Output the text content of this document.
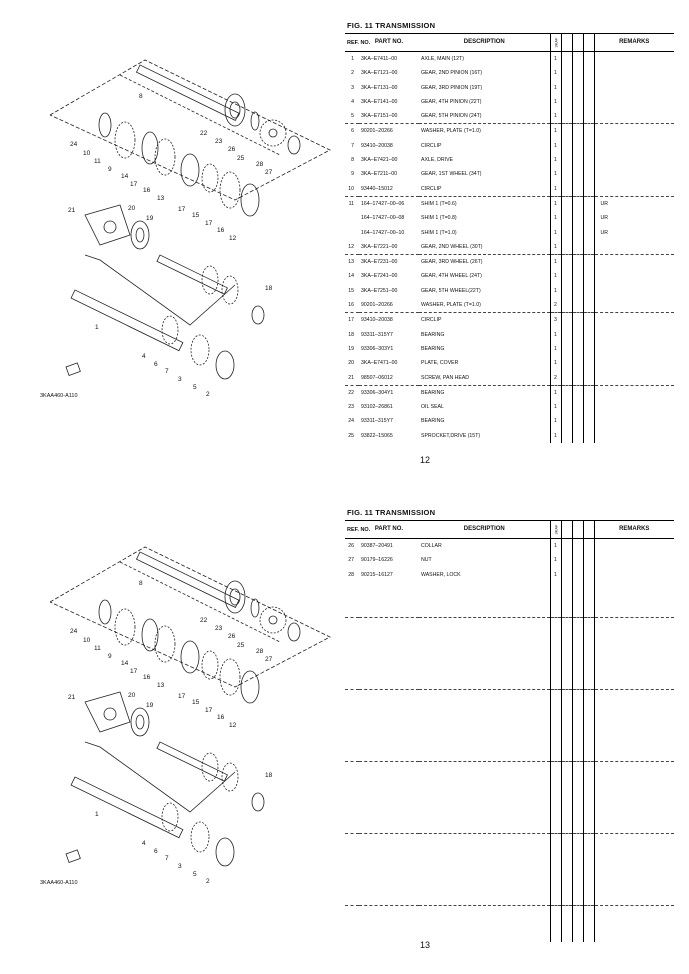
8
22
23
26
25
28
27
24
10
11
9
14
17
16
13
17
15
17
16
12
21	20
19
18
1
4
6
7
3
5
2
3KAA460-A110
FIG. 11 TRANSMISSION
REF. NO.	PART NO.	DESCRIPTION	3KAF				REMARKS
1	3KA–E7411–00	AXLE, MAIN (12T)	1				
2	3KA–E7121–00	GEAR, 2ND PINION (16T)	1				
3	3KA–E7131–00	GEAR, 3RD PINION (19T)	1				
4	3KA–E7141–00	GEAR, 4TH PINION (22T)	1				
5	3KA–E7151–00	GEAR, 5TH PINION (24T)	1				
6	90201–20266	WASHER, PLATE (T=1.0)	1				
7	93410–20038	CIRCLIP	1				
8	3KA–E7421–00	AXLE, DRIVE	1				
9	3KA–E7211–00	GEAR, 1ST WHEEL (34T)	1				
10	93440–15012	CIRCLIP	1				
11	164–17427–00–06	SHIM 1 (T=0.6)	1				UR
	164–17427–00–08	SHIM 1 (T=0.8)	1				UR
	164–17427–00–10	SHIM 1 (T=1.0)	1				UR
12	3KA–E7221–00	GEAR, 2ND WHEEL (30T)	1				
13	3KA–E7231–00	GEAR, 3RD WHEEL (26T)	1				
14	3KA–E7241–00	GEAR, 4TH WHEEL (24T)	1				
15	3KA–E7251–00	GEAR, 5TH WHEEL(22T)	1				
16	90201–20266	WASHER, PLATE (T=1.0)	2				
17	93410–20038	CIRCLIP	3				
18	93311–315Y7	BEARING	1				
19	93306–303Y1	BEARING	1				
20	3KA–E7471–00	PLATE, COVER	1				
21	98507–06012	SCREW, PAN HEAD	2				
22	93306–304Y1	BEARING	1				
23	93102–26861	OIL SEAL	1				
24	93311–315Y7	BEARING	1				
25	93822–15065	SPROCKET,DRIVE (15T)	1				
12
8
22
23
26
25
28
27
24
10
11
9
14
17
16
13
17
15
17
16
12
21	20
19
18
1
4
6
7
3
5
2
3KAA460-A110
FIG. 11 TRANSMISSION
REF. NO.	PART NO.	DESCRIPTION	3KAF				REMARKS
26	90387–20491	COLLAR	1				
27	90179–16226	NUT	1				
28	90215–16127	WASHER, LOCK	1				

13
